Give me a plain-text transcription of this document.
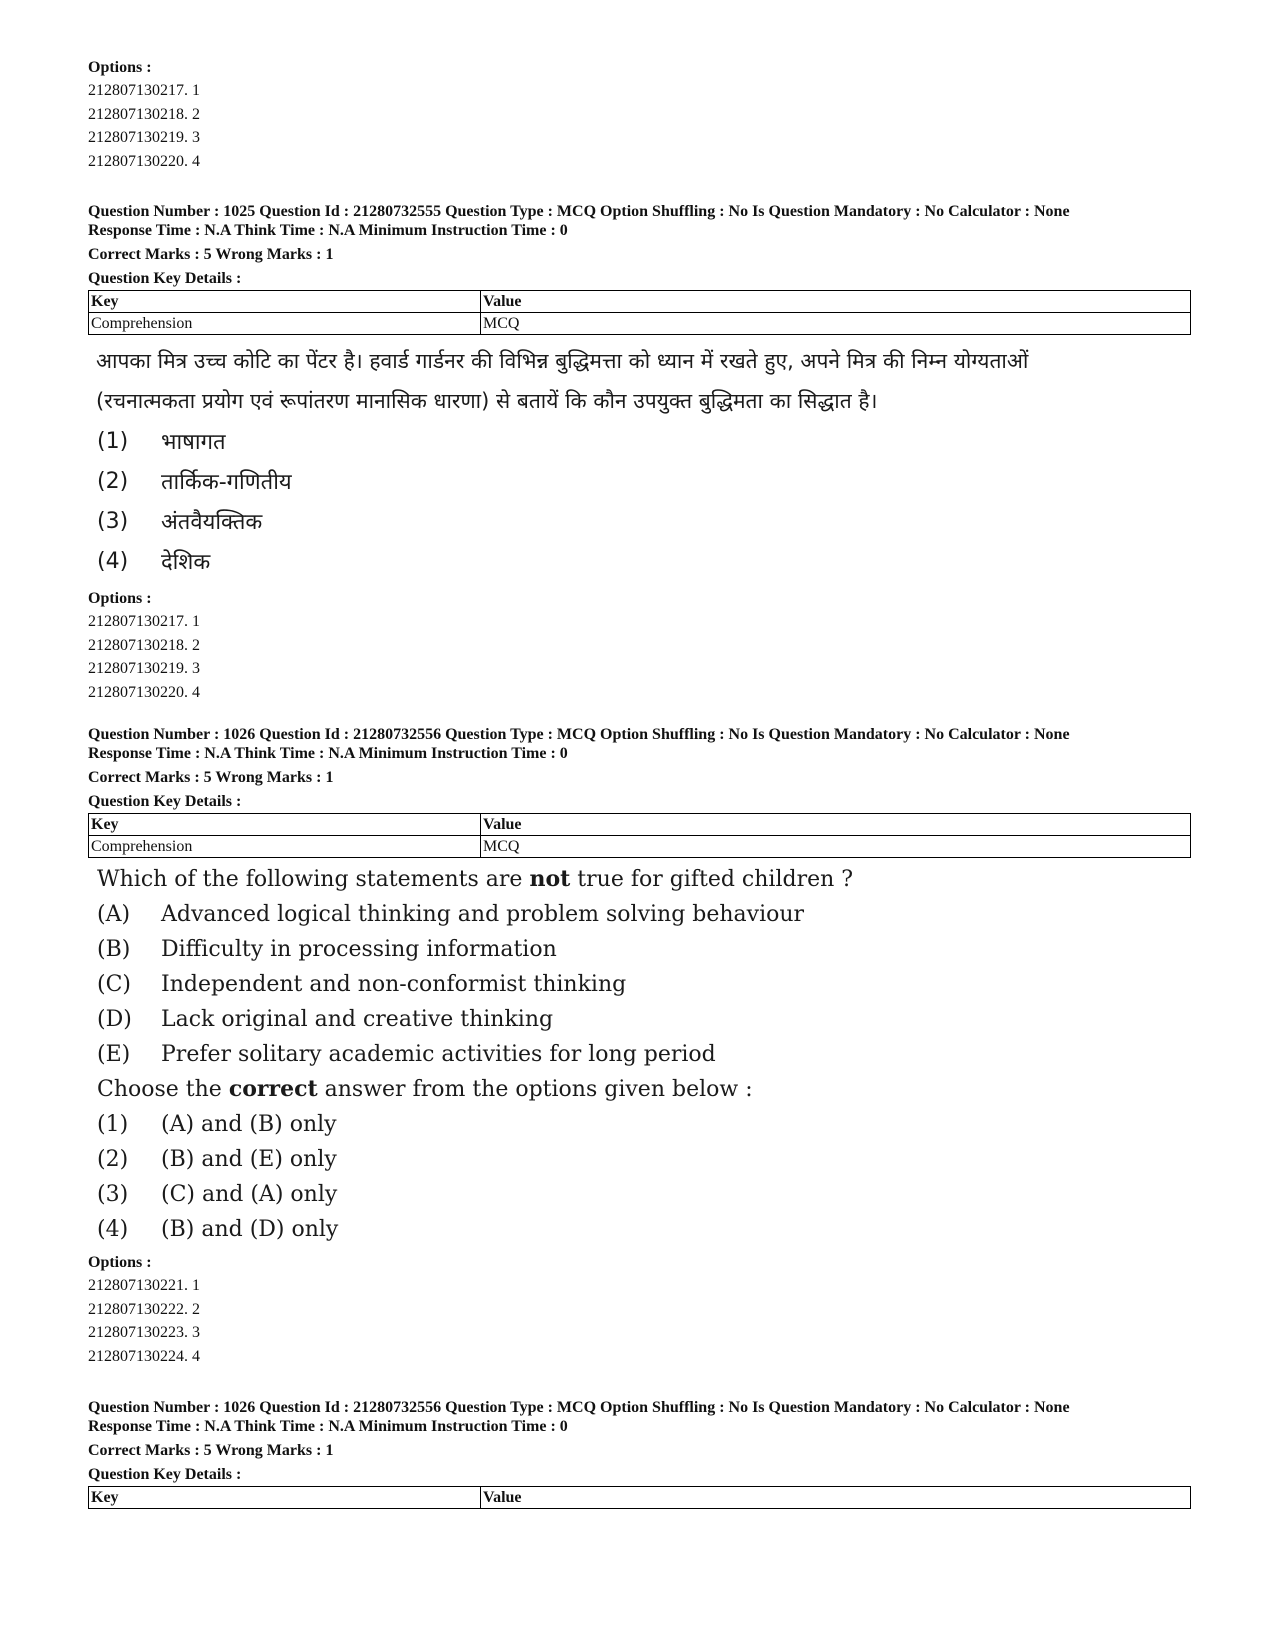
Options :
212807130217. 1
212807130218. 2
212807130219. 3
212807130220. 4
Question Number : 1025 Question Id : 21280732555 Question Type : MCQ Option Shuffling : No Is Question Mandatory : No Calculator : None
Response Time : N.A Think Time : N.A Minimum Instruction Time : 0
Correct Marks : 5 Wrong Marks : 1
Question Key Details :
Key	Value
Comprehension	MCQ
आपका मित्र उच्च कोटि का पेंटर है। हवार्ड गार्डनर की विभिन्न बुद्धिमत्ता को ध्यान में रखते हुए, अपने मित्र की निम्न योग्यताओं
(रचनात्मकता प्रयोग एवं रूपांतरण मानासिक धारणा) से बतायें कि कौन उपयुक्त बुद्धिमता का सिद्धात है।
(1)	भाषागत
(2)	तार्किक-गणितीय
(3)	अंतवैयक्तिक
(4)	देशिक
Options :
212807130217. 1
212807130218. 2
212807130219. 3
212807130220. 4
Question Number : 1026 Question Id : 21280732556 Question Type : MCQ Option Shuffling : No Is Question Mandatory : No Calculator : None
Response Time : N.A Think Time : N.A Minimum Instruction Time : 0
Correct Marks : 5 Wrong Marks : 1
Question Key Details :
Key	Value
Comprehension	MCQ
Which of the following statements are not true for gifted children ?
(A)	Advanced logical thinking and problem solving behaviour
(B)	Difficulty in processing information
(C)	Independent and non-conformist thinking
(D)	Lack original and creative thinking
(E)	Prefer solitary academic activities for long period
Choose the correct answer from the options given below :
(1)	(A) and (B) only
(2)	(B) and (E) only
(3)	(C) and (A) only
(4)	(B) and (D) only
Options :
212807130221. 1
212807130222. 2
212807130223. 3
212807130224. 4
Question Number : 1026 Question Id : 21280732556 Question Type : MCQ Option Shuffling : No Is Question Mandatory : No Calculator : None
Response Time : N.A Think Time : N.A Minimum Instruction Time : 0
Correct Marks : 5 Wrong Marks : 1
Question Key Details :
Key	Value
